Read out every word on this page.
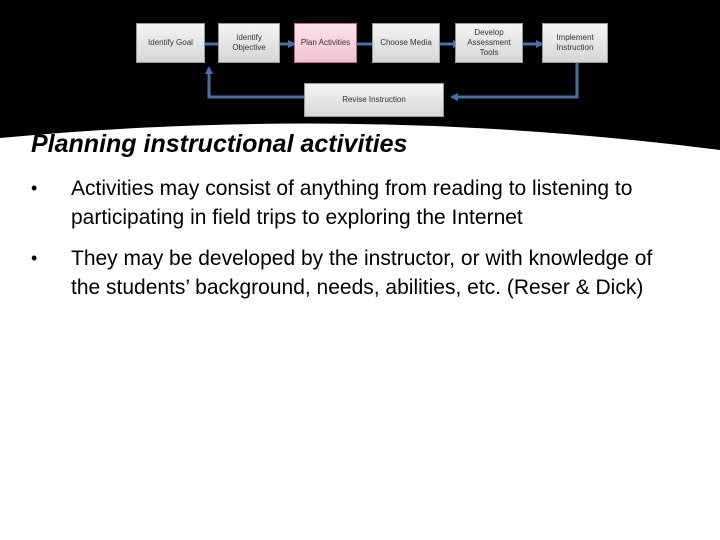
Identify Goal
Identify Objective
Plan Activities	Choose Media
Develop Assessment Tools
Implement Instruction
Revise Instruction
Planning instructional activities
• Activities may consist of anything from reading to listening to participating in field trips to exploring the Internet
• They may be developed by the instructor, or with knowledge of the students’ background, needs, abilities, etc. (Reser & Dick)
